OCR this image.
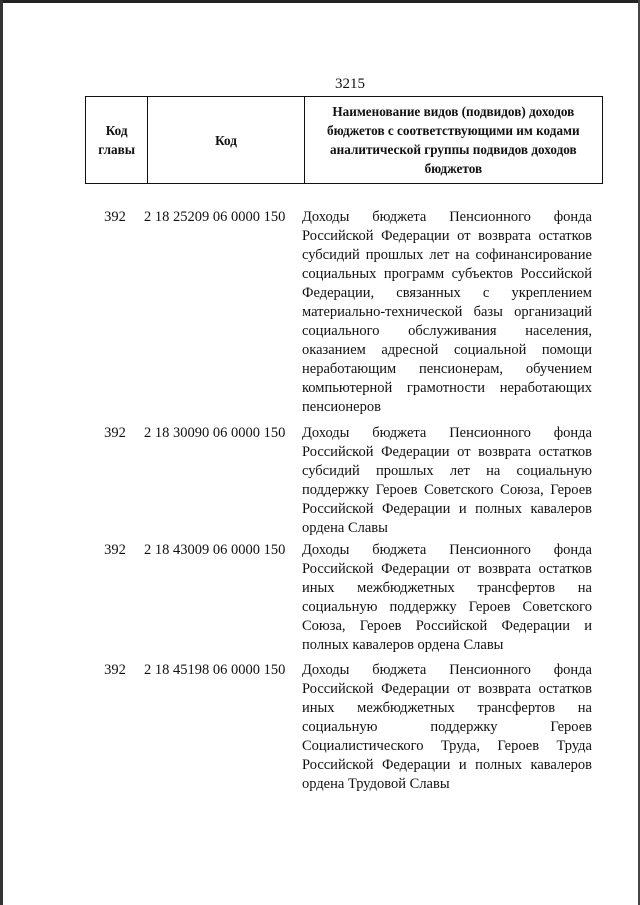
3215
Код главы	Код	Наименование видов (подвидов) доходов бюджетов с соответствующими им кодами аналитической группы подвидов доходов бюджетов
392 2 18 25209 06 0000 150	Доходы бюджета Пенсионного фонда Российской Федерации от возврата остатков субсидий прошлых лет на софинансирование социальных программ субъектов Российской Федерации, связанных с укреплением материально-технической базы организаций социального обслуживания населения, оказанием адресной социальной помощи неработающим пенсионерам, обучением компьютерной грамотности неработающих пенсионеров
392 2 18 30090 06 0000 150	Доходы бюджета Пенсионного фонда Российской Федерации от возврата остатков субсидий прошлых лет на социальную поддержку Героев Советского Союза, Героев Российской Федерации и полных кавалеров ордена Славы
392 2 18 43009 06 0000 150	Доходы бюджета Пенсионного фонда Российской Федерации от возврата остатков иных межбюджетных трансфертов на социальную поддержку Героев Советского Союза, Героев Российской Федерации и полных кавалеров ордена Славы
392 2 18 45198 06 0000 150	Доходы бюджета Пенсионного фонда Российской Федерации от возврата остатков иных межбюджетных трансфертов на социальную поддержку Героев Социалистического Труда, Героев Труда Российской Федерации и полных кавалеров ордена Трудовой Славы
